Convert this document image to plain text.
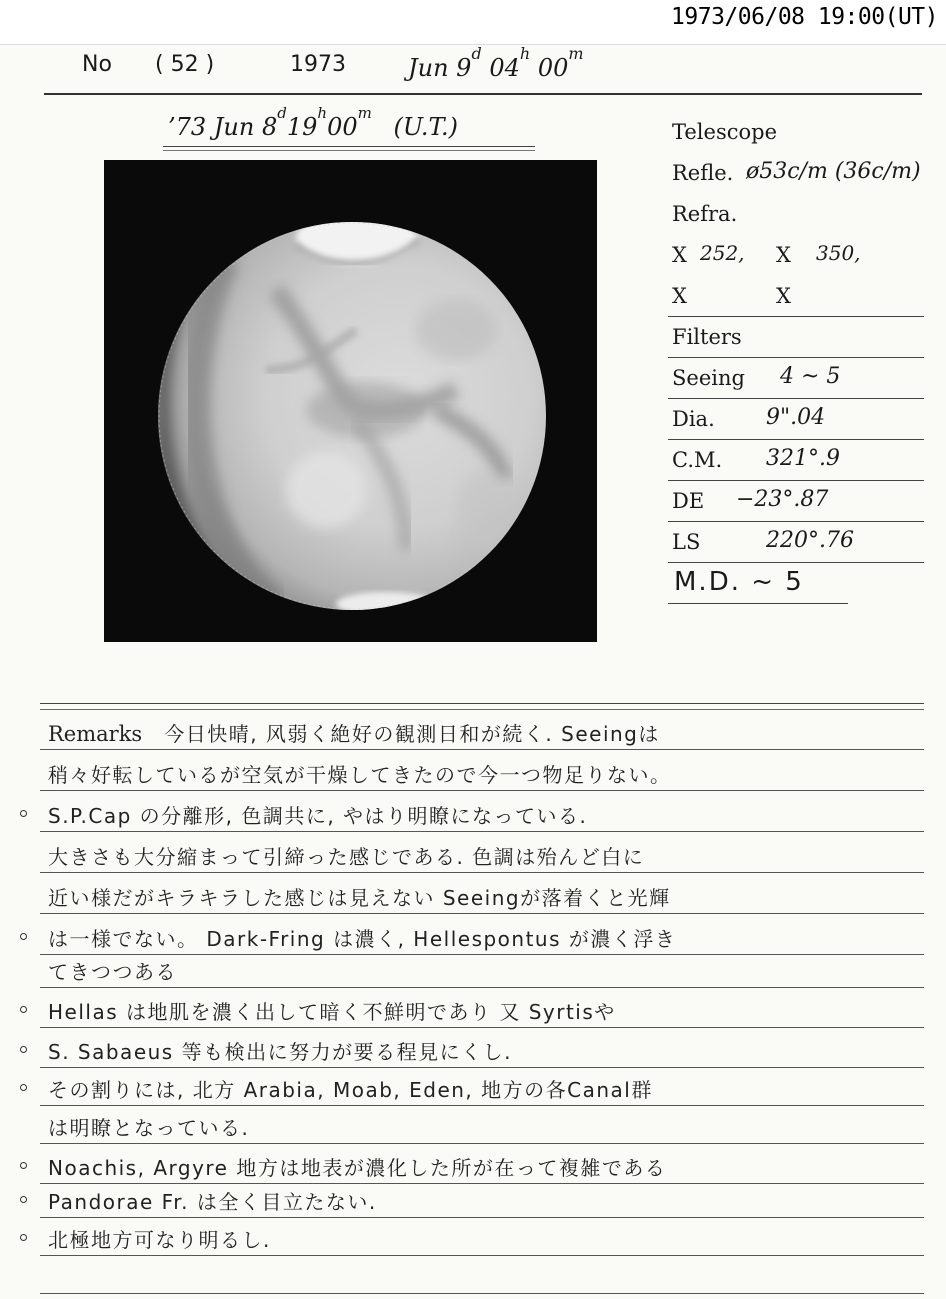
1973/06/08 19:00(UT)
No ( 52 )	1973	Jun 9$^d$ 04$^h$ 00$^m$
’73 Jun 8$^d$19$^h$00$^m$ (U.T.)	Telescope
Refle. ø53c/m (36c/m)
Refra.
X 252, X 350,
X	X
Filters
Seeing 4 ~ 5
Dia. 9".04
C.M. 321°.9
DE −23°.87
LS	220°.76
M.D. ~ 5
Remarks 今日快晴, 风弱く絶好の観測日和が続く. Seeingは
稍々好転しているが空気が干燥してきたので今一つ物足りない。
S.P.Cap の分離形, 色調共に, やはり明瞭になっている.
大きさも大分縮まって引締った感じである. 色調は殆んど白に
近い様だがキラキラした感じは見えない Seeingが落着くと光輝
は一様でない。 Dark-Fring は濃く, Hellespontus が濃く浮き
てきつつある
Hellas は地肌を濃く出して暗く不鮮明であり 又 Syrtisや
S. Sabaeus 等も検出に努力が要る程見にくし.
その割りには, 北方 Arabia, Moab, Eden, 地方の各Canal群
は明瞭となっている.
Noachis, Argyre 地方は地表が濃化した所が在って複雑である
Pandorae Fr. は全く目立たない.
北極地方可なり明るし.
